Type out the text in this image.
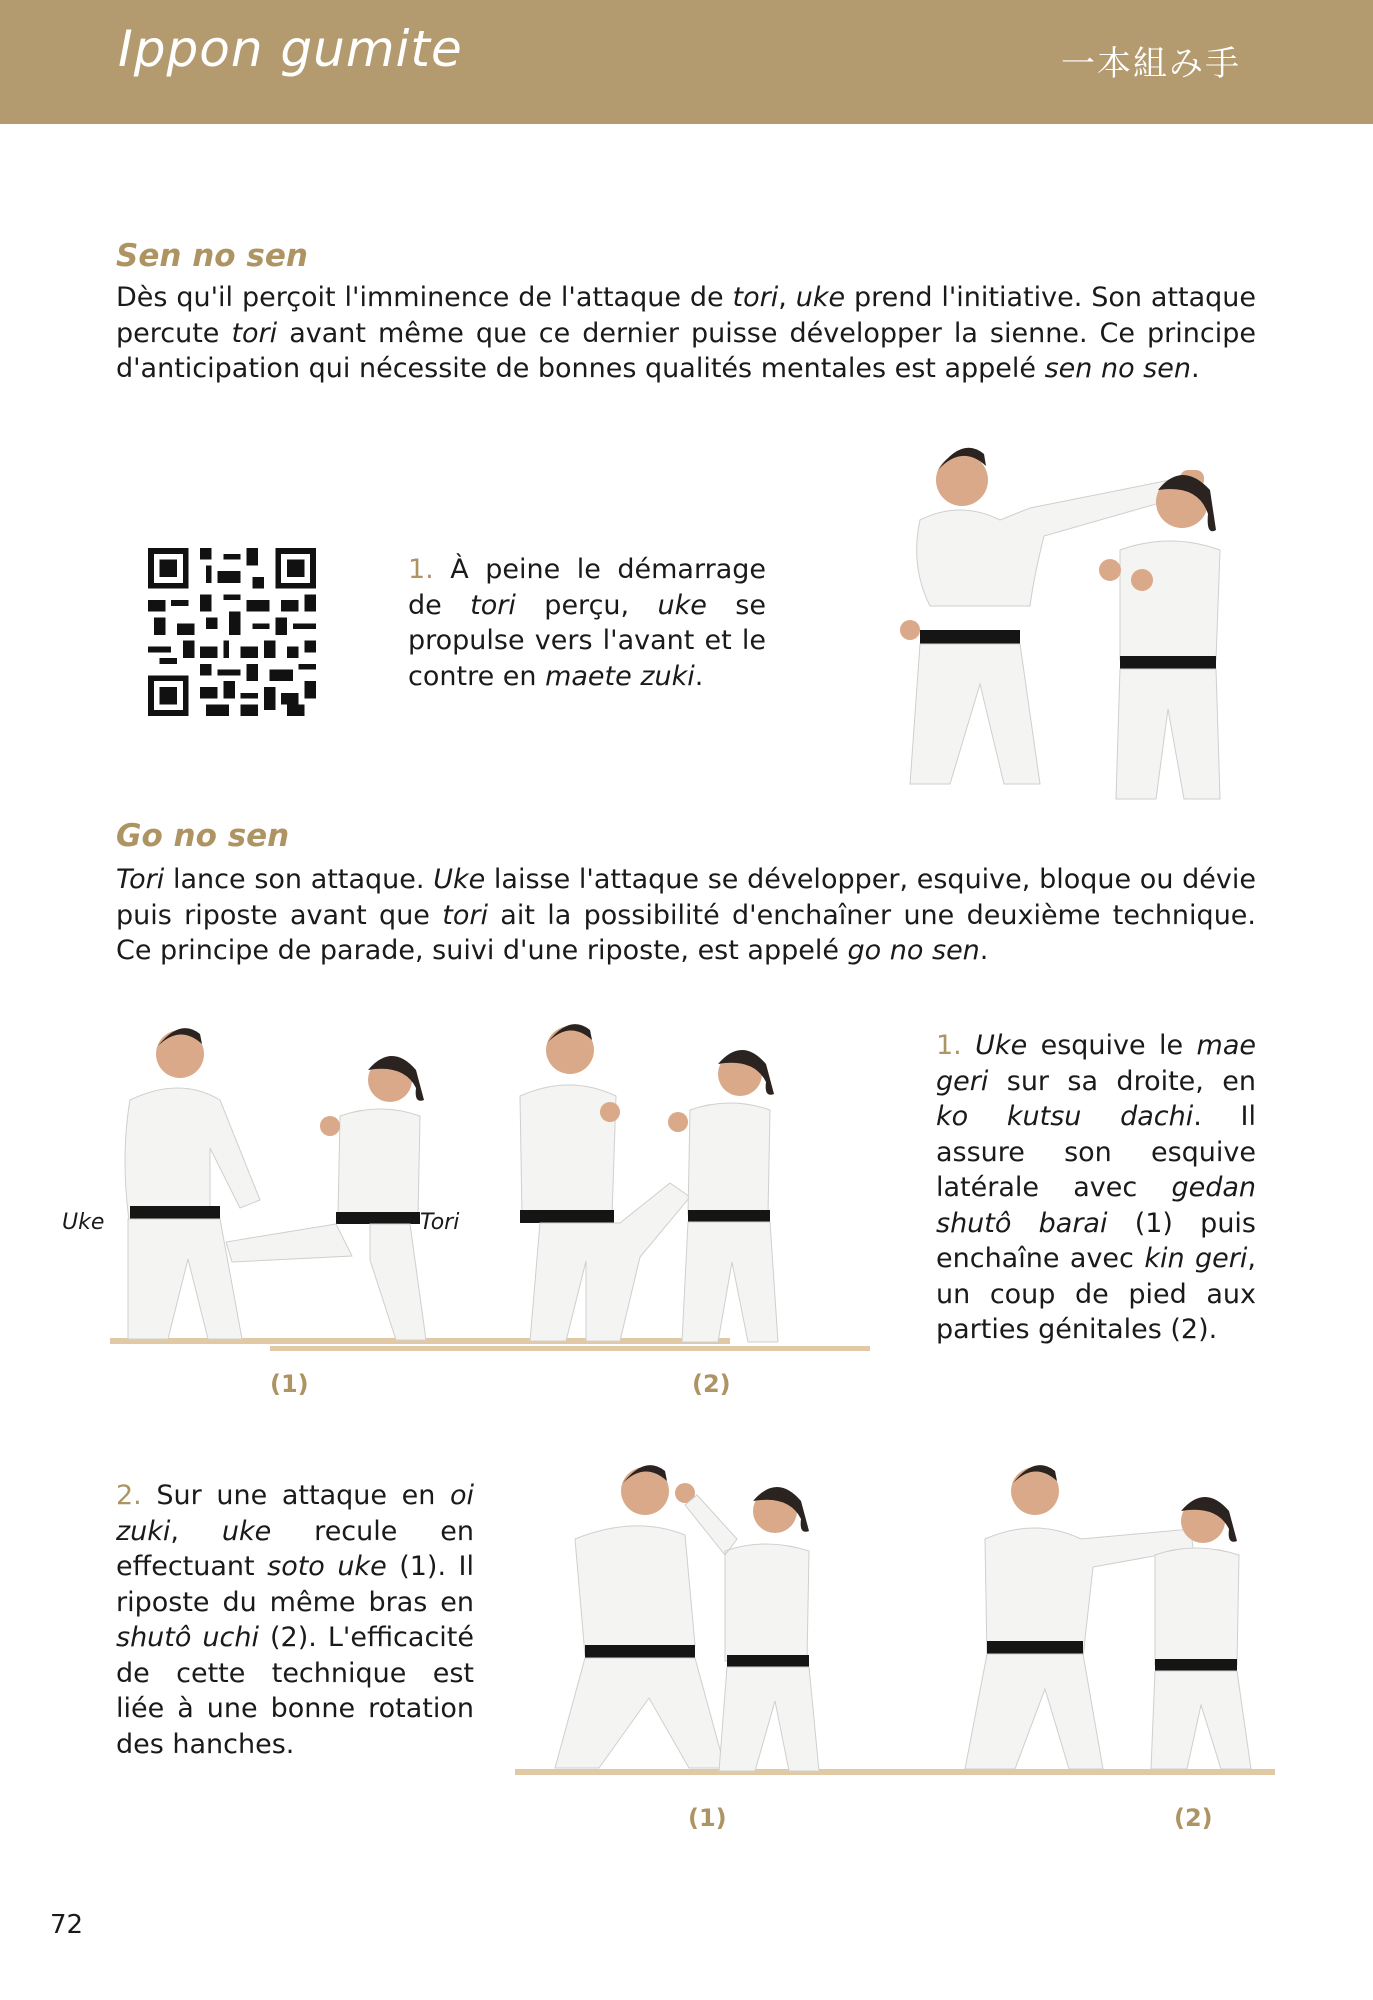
Ippon gumite	一本組み手
Sen no sen
Dès qu'il perçoit l'imminence de l'attaque de tori, uke prend l'initiative. Son attaque percute tori avant même que ce dernier puisse développer la sienne. Ce principe d'anticipation qui nécessite de bonnes qualités mentales est appelé sen no sen.
1. À peine le démarrage de tori perçu, uke se propulse vers l'avant et le contre en maete zuki.
Go no sen
Tori lance son attaque. Uke laisse l'attaque se développer, esquive, bloque ou dévie puis riposte avant que tori ait la possibilité d'enchaîner une deuxième technique. Ce principe de parade, suivi d'une riposte, est appelé go no sen.
Uke	Tori
(1)	(2)
1. Uke esquive le mae geri sur sa droite, en ko kutsu dachi. Il assure son esquive latérale avec gedan shutô barai (1) puis enchaîne avec kin geri, un coup de pied aux parties génitales (2).
2. Sur une attaque en oi zuki, uke recule en effectuant soto uke (1). Il riposte du même bras en shutô uchi (2). L'efficacité de cette technique est liée à une bonne rotation des hanches.
(1)	(2)
72
